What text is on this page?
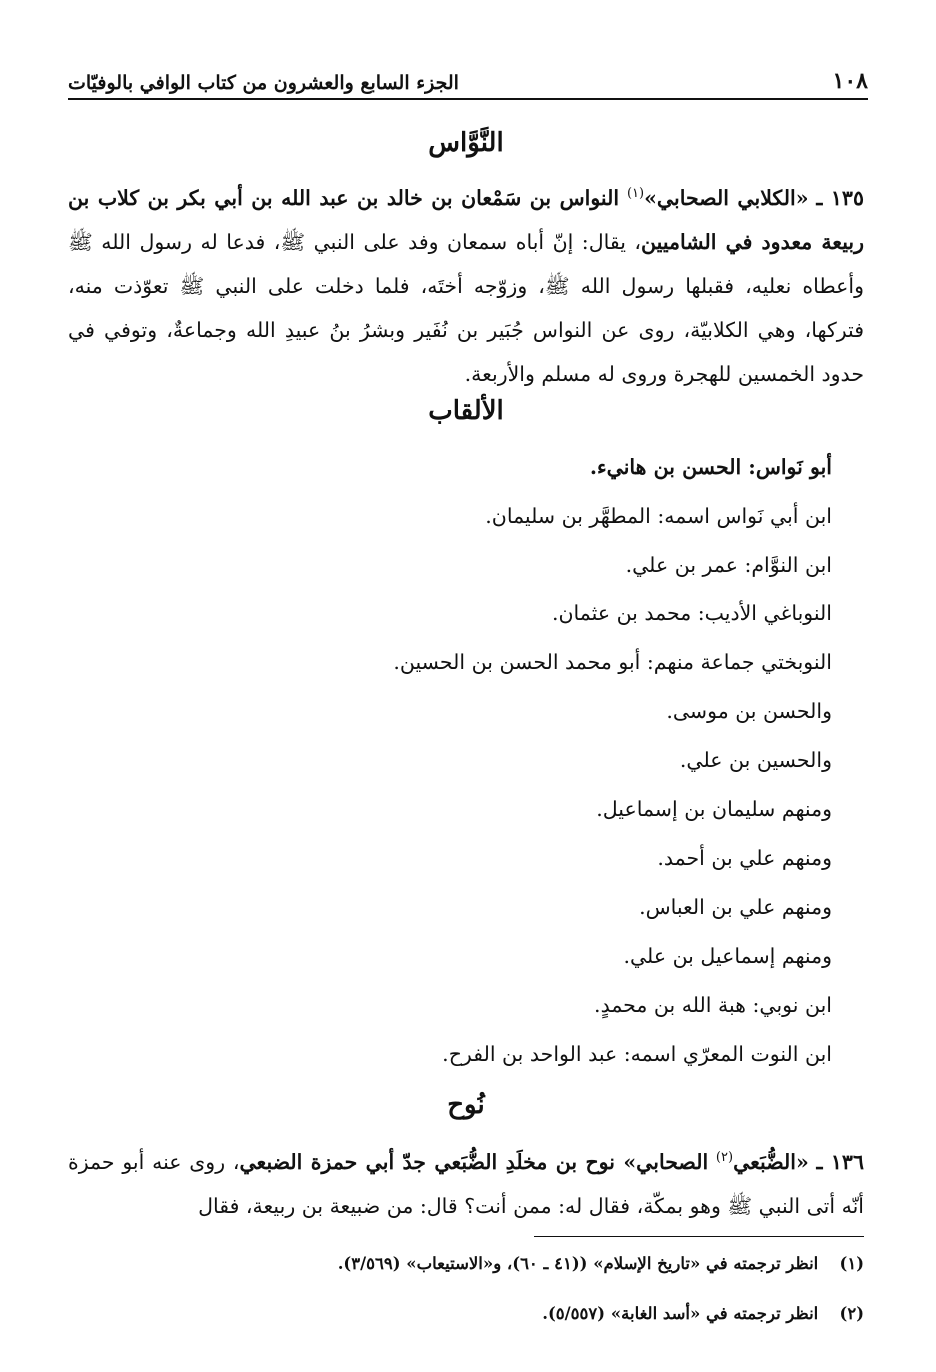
١٠٨
الجزء السابع والعشرون من كتاب الوافي بالوفيّات
النَّوَّاس
١٣٥ ـ «الكلابي الصحابي»$^{(١)}$ النواس بن سَمْعان بن خالد بن عبد الله بن أبي بكر بن كلاب بن ربيعة معدود في الشاميين، يقال: إنّ أباه سمعان وفد على النبي ﷺ، فدعا له رسول الله ﷺ وأعطاه نعليه، فقبلها رسول الله ﷺ، وزوّجه أختَه، فلما دخلت على النبي ﷺ تعوّذت منه، فتركها، وهي الكلابيّة، روى عن النواس جُبَير بن نُفَير وبشرُ بنُ عبيدِ الله وجماعةٌ، وتوفي في حدود الخمسين للهجرة وروى له مسلم والأربعة.
الألقاب
أبو نَواس: الحسن بن هانيء.
ابن أبي نَواس اسمه: المطهَّر بن سليمان.
ابن النوَّام: عمر بن علي.
النوباغي الأديب: محمد بن عثمان.
النوبختي جماعة منهم: أبو محمد الحسن بن الحسين.
والحسن بن موسى.
والحسين بن علي.
ومنهم سليمان بن إسماعيل.
ومنهم علي بن أحمد.
ومنهم علي بن العباس.
ومنهم إسماعيل بن علي.
ابن نوبي: هبة الله بن محمدٍ.
ابن النوت المعرّي اسمه: عبد الواحد بن الفرح.
نُوح
١٣٦ ـ «الضُّبَعي$^{(٢)}$ الصحابي» نوح بن مخلَدِ الضُّبَعي جدّ أبي حمزة الضبعي، روى عنه أبو حمزة أنّه أتى النبي ﷺ وهو بمكّة، فقال له: ممن أنت؟ قال: من ضبيعة بن ربيعة، فقال
(١) انظر ترجمته في «تاريخ الإسلام» ((٤١ ـ ٦٠)، و«الاستيعاب» (٣/٥٦٩).
(٢) انظر ترجمته في «أسد الغابة» (٥/٥٥٧).
